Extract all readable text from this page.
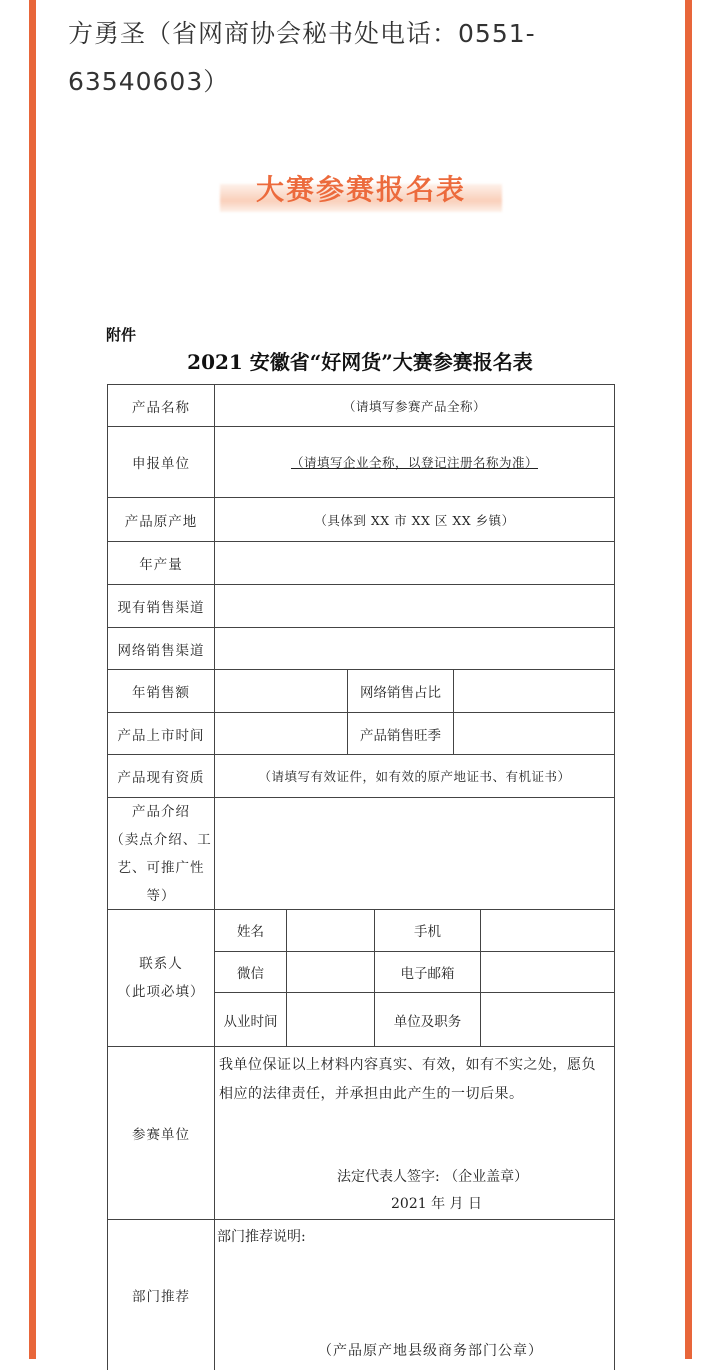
方勇圣（省网商协会秘书处电话：0551-63540603）
大赛参赛报名表
附件
2021 安徽省“好网货”大赛参赛报名表
产品名称	（请填写参赛产品全称）
申报单位	（请填写企业全称，以登记注册名称为准）
产品原产地	（具体到 XX 市 XX 区 XX 乡镇）
年产量
现有销售渠道
网络销售渠道
年销售额	网络销售占比
产品上市时间	产品销售旺季
产品现有资质	（请填写有效证件，如有效的原产地证书、有机证书）
产品介绍
（卖点介绍、工
艺、可推广性
等）
联系人
（此项必填）
姓名	手机
微信	电子邮箱
从业时间	单位及职务
参赛单位
我单位保证以上材料内容真实、有效，如有不实之处，愿负相应的法律责任，并承担由此产生的一切后果。
法定代表人签字: （企业盖章）
2021 年 月 日
部门推荐
部门推荐说明:
（产品原产地县级商务部门公章）
